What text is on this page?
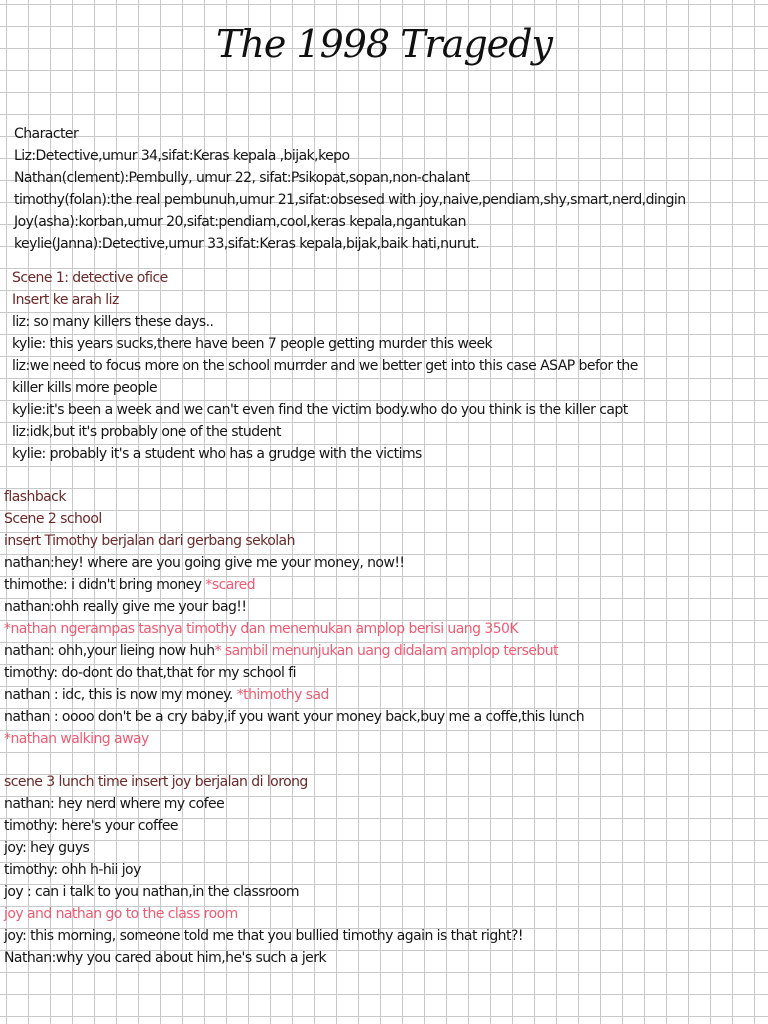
The 1998 Tragedy
Character
Liz:Detective,umur 34,sifat:Keras kepala ,bijak,kepo
Nathan(clement):Pembully, umur 22, sifat:Psikopat,sopan,non-chalant
timothy(folan):the real pembunuh,umur 21,sifat:obsesed with joy,naive,pendiam,shy,smart,nerd,dingin
Joy(asha):korban,umur 20,sifat:pendiam,cool,keras kepala,ngantukan
keylie(Janna):Detective,umur 33,sifat:Keras kepala,bijak,baik hati,nurut.
Scene 1: detective ofice
Insert ke arah liz
liz: so many killers these days..
kylie: this years sucks,there have been 7 people getting murder this week
liz:we need to focus more on the school murrder and we better get into this case ASAP befor the
killer kills more people
kylie:it's been a week and we can't even find the victim body.who do you think is the killer capt
liz:idk,but it's probably one of the student
kylie: probably it's a student who has a grudge with the victims
flashback
Scene 2 school
insert Timothy berjalan dari gerbang sekolah
nathan:hey! where are you going give me your money, now!!
thimothe: i didn't bring money *scared
nathan:ohh really give me your bag!!
*nathan ngerampas tasnya timothy dan menemukan amplop berisi uang 350K
nathan: ohh,your lieing now huh* sambil menunjukan uang didalam amplop tersebut
timothy: do-dont do that,that for my school fi
nathan : idc, this is now my money. *thimothy sad
nathan : oooo don't be a cry baby,if you want your money back,buy me a coffe,this lunch
*nathan walking away
scene 3 lunch time insert joy berjalan di lorong
nathan: hey nerd where my cofee
timothy: here's your coffee
joy: hey guys
timothy: ohh h-hii joy
joy : can i talk to you nathan,in the classroom
joy and nathan go to the class room
joy: this morning, someone told me that you bullied timothy again is that right?!
Nathan:why you cared about him,he's such a jerk
